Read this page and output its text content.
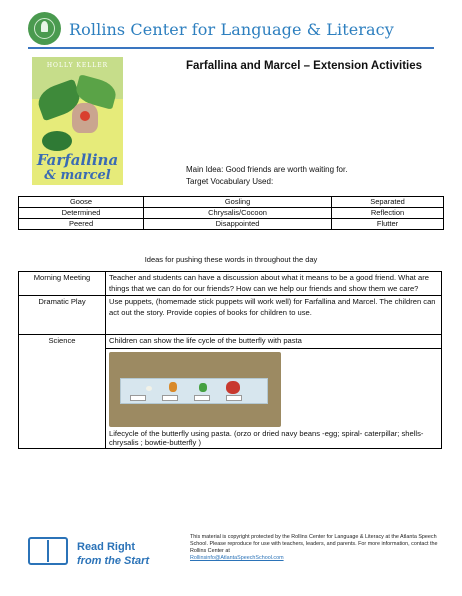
Rollins Center for Language & Literacy
HOLLY KELLER
Farfallina
& marcel
Farfallina and Marcel – Extension Activities
Main Idea: Good friends are worth waiting for.
Target Vocabulary Used:
Goose	Gosling	Separated
Determined	Chrysalis/Cocoon	Reflection
Peered	Disappointed	Flutter
Ideas for pushing these words in throughout the day
Morning Meeting	Teacher and students can have a discussion about what it means to be a good friend. What are things that we can do for our friends? How can we help our friends and show them we care?
Dramatic Play	Use puppets, (homemade stick puppets will work well) for Farfallina and Marcel. The children can act out the story. Provide copies of books for children to use.
Science	Children can show the life cycle of the butterfly with pasta

	Lifecycle of the butterfly using pasta. (orzo or dried navy beans -egg; spiral- caterpillar; shells- chrysalis ; bowtie-butterfly )
Read Right
from the Start
This material is copyright protected by the Rollins Center for Language & Literacy at the Atlanta Speech School. Please reproduce for use with teachers, leaders, and parents. For more information, contact the Rollins Center at
Rollinsinfo@AtlantaSpeechSchool.com
